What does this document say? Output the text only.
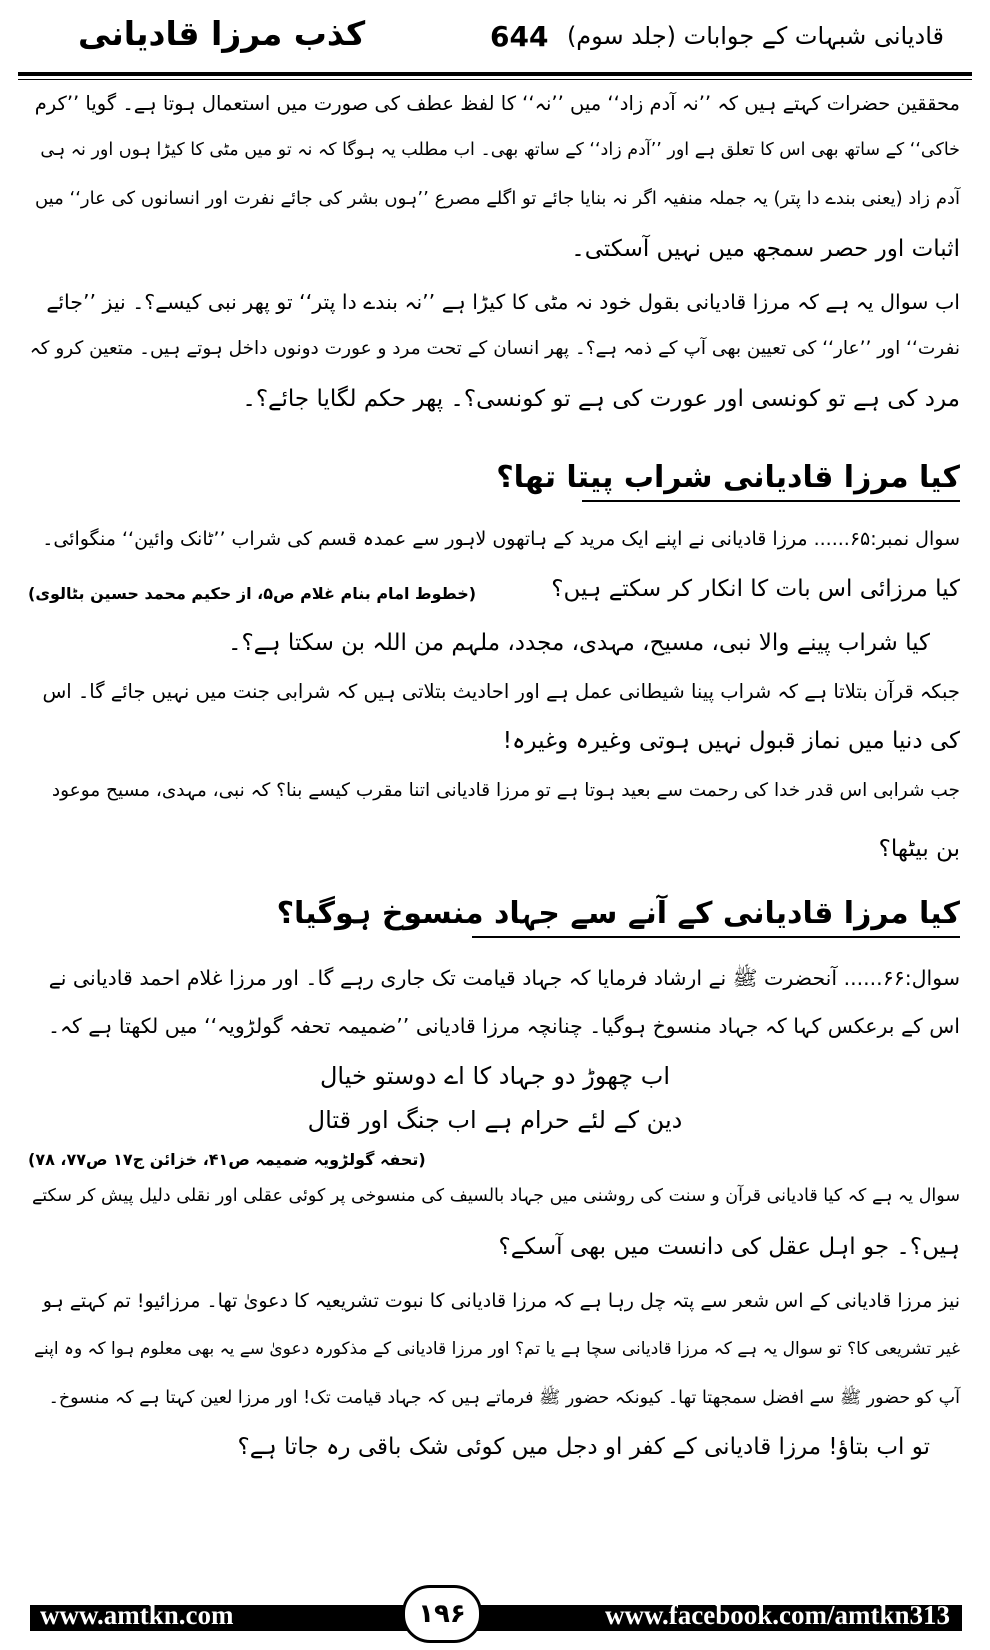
کذب مرزا قادیانی	644 قادیانی شبہات کے جوابات (جلد سوم)
محققین حضرات کہتے ہیں کہ ’’نہ آدم زاد‘‘ میں ’’نہ‘‘ کا لفظ عطف کی صورت میں استعمال ہوتا ہے۔ گویا ’’کرم
خاکی‘‘ کے ساتھ بھی اس کا تعلق ہے اور ’’آدم زاد‘‘ کے ساتھ بھی۔ اب مطلب یہ ہوگا کہ نہ تو میں مٹی کا کیڑا ہوں اور نہ ہی
آدم زاد (یعنی بندے دا پتر) یہ جملہ منفیہ اگر نہ بنایا جائے تو اگلے مصرع ’’ہوں بشر کی جائے نفرت اور انسانوں کی عار‘‘ میں
اثبات اور حصر سمجھ میں نہیں آسکتی۔
اب سوال یہ ہے کہ مرزا قادیانی بقول خود نہ مٹی کا کیڑا ہے ’’نہ بندے دا پتر‘‘ تو پھر نبی کیسے؟۔ نیز ’’جائے
نفرت‘‘ اور ’’عار‘‘ کی تعیین بھی آپ کے ذمہ ہے؟۔ پھر انسان کے تحت مرد و عورت دونوں داخل ہوتے ہیں۔ متعین کرو کہ
مرد کی ہے تو کونسی اور عورت کی ہے تو کونسی؟۔ پھر حکم لگایا جائے؟۔
کیا مرزا قادیانی شراب پیتا تھا؟
سوال نمبر:۶۵...... مرزا قادیانی نے اپنے ایک مرید کے ہاتھوں لاہور سے عمدہ قسم کی شراب ’’ٹانک وائین‘‘ منگوائی۔
کیا مرزائی اس بات کا انکار کر سکتے ہیں؟
(خطوط امام بنام غلام ص۵، از حکیم محمد حسین بٹالوی)
کیا شراب پینے والا نبی، مسیح، مہدی، مجدد، ملہم من اللہ بن سکتا ہے؟۔
جبکہ قرآن بتلاتا ہے کہ شراب پینا شیطانی عمل ہے اور احادیث بتلاتی ہیں کہ شرابی جنت میں نہیں جائے گا۔ اس
کی دنیا میں نماز قبول نہیں ہوتی وغیرہ وغیرہ!
جب شرابی اس قدر خدا کی رحمت سے بعید ہوتا ہے تو مرزا قادیانی اتنا مقرب کیسے بنا؟ کہ نبی، مہدی، مسیح موعود
بن بیٹھا؟
کیا مرزا قادیانی کے آنے سے جہاد منسوخ ہوگیا؟
سوال:۶۶...... آنحضرت ﷺ نے ارشاد فرمایا کہ جہاد قیامت تک جاری رہے گا۔ اور مرزا غلام احمد قادیانی نے
اس کے برعکس کہا کہ جہاد منسوخ ہوگیا۔ چنانچہ مرزا قادیانی ’’ضمیمہ تحفہ گولڑویہ‘‘ میں لکھتا ہے کہ۔
اب چھوڑ دو جہاد کا اے دوستو خیال
دین کے لئے حرام ہے اب جنگ اور قتال
(تحفہ گولڑویہ ضمیمہ ص۴۱، خزائن ج۱۷ ص۷۷، ۷۸)
سوال یہ ہے کہ کیا قادیانی قرآن و سنت کی روشنی میں جہاد بالسیف کی منسوخی پر کوئی عقلی اور نقلی دلیل پیش کر سکتے
ہیں؟۔ جو اہل عقل کی دانست میں بھی آسکے؟
نیز مرزا قادیانی کے اس شعر سے پتہ چل رہا ہے کہ مرزا قادیانی کا نبوت تشریعیہ کا دعویٰ تھا۔ مرزائیو! تم کہتے ہو
غیر تشریعی کا؟ تو سوال یہ ہے کہ مرزا قادیانی سچا ہے یا تم؟ اور مرزا قادیانی کے مذکورہ دعویٰ سے یہ بھی معلوم ہوا کہ وہ اپنے
آپ کو حضور ﷺ سے افضل سمجھتا تھا۔ کیونکہ حضور ﷺ فرماتے ہیں کہ جہاد قیامت تک! اور مرزا لعین کہتا ہے کہ منسوخ۔
تو اب بتاؤ! مرزا قادیانی کے کفر او دجل میں کوئی شک باقی رہ جاتا ہے؟
www.amtkn.com	www.facebook.com/amtkn313
۱۹۶
